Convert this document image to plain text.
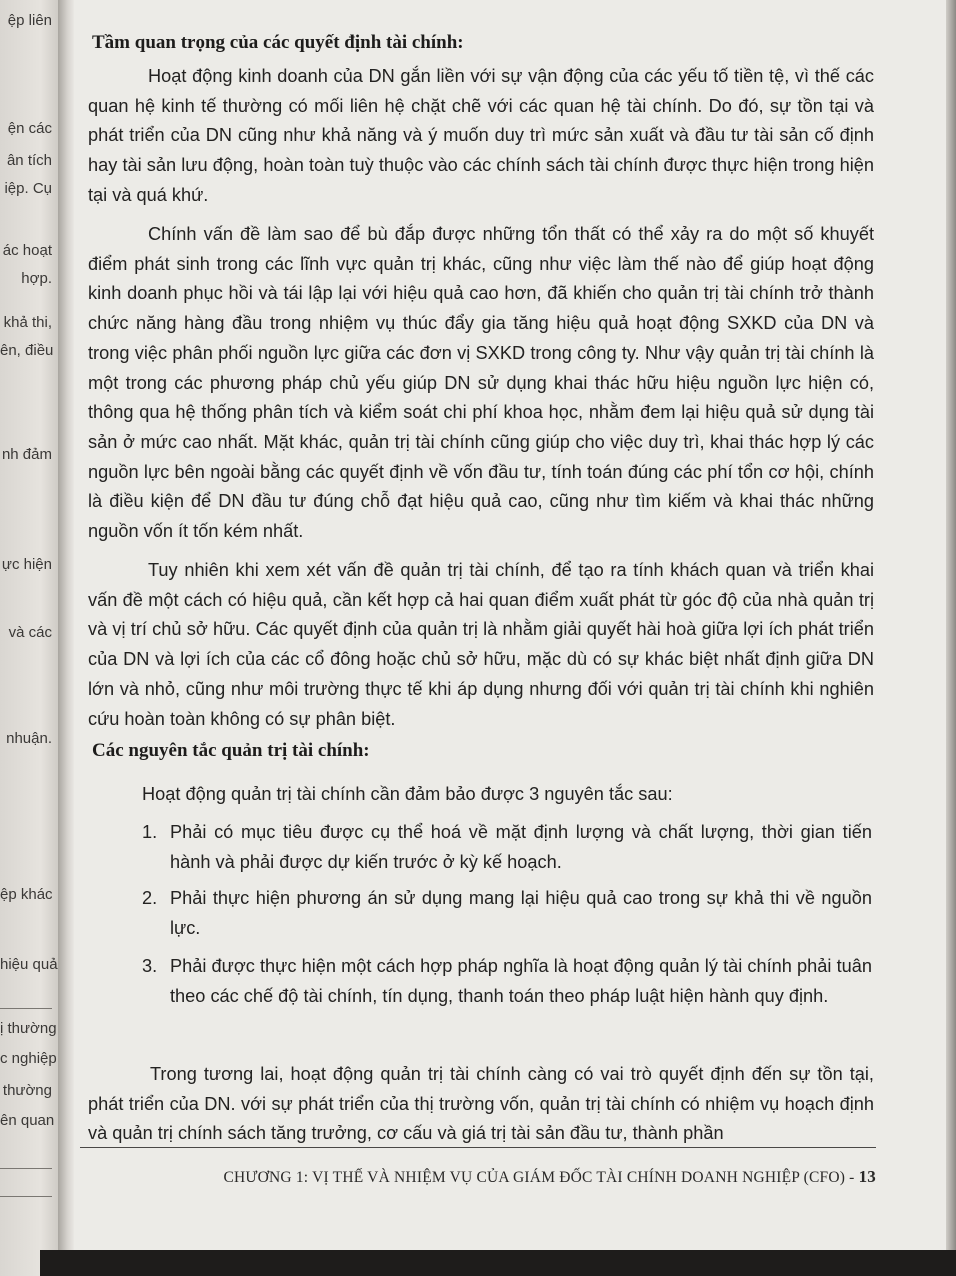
ệp liên
ện các
ân tích
iệp. Cụ
ác hoạt
hợp.
khả thi,
ên, điều
nh đảm
ực hiện
và các
nhuận.
ệp khác
hiệu quả
ị thường
c nghiệp
thường
ên quan
Tầm quan trọng của các quyết định tài chính:
Hoạt động kinh doanh của DN gắn liền với sự vận động của các yếu tố tiền tệ, vì thế các quan hệ kinh tế thường có mối liên hệ chặt chẽ với các quan hệ tài chính. Do đó, sự tồn tại và phát triển của DN cũng như khả năng và ý muốn duy trì mức sản xuất và đầu tư tài sản cố định hay tài sản lưu động, hoàn toàn tuỳ thuộc vào các chính sách tài chính được thực hiện trong hiện tại và quá khứ.
Chính vấn đề làm sao để bù đắp được những tổn thất có thể xảy ra do một số khuyết điểm phát sinh trong các lĩnh vực quản trị khác, cũng như việc làm thế nào để giúp hoạt động kinh doanh phục hồi và tái lập lại với hiệu quả cao hơn, đã khiến cho quản trị tài chính trở thành chức năng hàng đầu trong nhiệm vụ thúc đẩy gia tăng hiệu quả hoạt động SXKD của DN và trong việc phân phối nguồn lực giữa các đơn vị SXKD trong công ty. Như vậy quản trị tài chính là một trong các phương pháp chủ yếu giúp DN sử dụng khai thác hữu hiệu nguồn lực hiện có, thông qua hệ thống phân tích và kiểm soát chi phí khoa học, nhằm đem lại hiệu quả sử dụng tài sản ở mức cao nhất. Mặt khác, quản trị tài chính cũng giúp cho việc duy trì, khai thác hợp lý các nguồn lực bên ngoài bằng các quyết định về vốn đầu tư, tính toán đúng các phí tổn cơ hội, chính là điều kiện để DN đầu tư đúng chỗ đạt hiệu quả cao, cũng như tìm kiếm và khai thác những nguồn vốn ít tốn kém nhất.
Tuy nhiên khi xem xét vấn đề quản trị tài chính, để tạo ra tính khách quan và triển khai vấn đề một cách có hiệu quả, cần kết hợp cả hai quan điểm xuất phát từ góc độ của nhà quản trị và vị trí chủ sở hữu. Các quyết định của quản trị là nhằm giải quyết hài hoà giữa lợi ích phát triển của DN và lợi ích của các cổ đông hoặc chủ sở hữu, mặc dù có sự khác biệt nhất định giữa DN lớn và nhỏ, cũng như môi trường thực tế khi áp dụng nhưng đối với quản trị tài chính khi nghiên cứu hoàn toàn không có sự phân biệt.
Các nguyên tắc quản trị tài chính:
Hoạt động quản trị tài chính cần đảm bảo được 3 nguyên tắc sau:
1. Phải có mục tiêu được cụ thể hoá về mặt định lượng và chất lượng, thời gian tiến hành và phải được dự kiến trước ở kỳ kế hoạch.
2. Phải thực hiện phương án sử dụng mang lại hiệu quả cao trong sự khả thi về nguồn lực.
3. Phải được thực hiện một cách hợp pháp nghĩa là hoạt động quản lý tài chính phải tuân theo các chế độ tài chính, tín dụng, thanh toán theo pháp luật hiện hành quy định.
Trong tương lai, hoạt động quản trị tài chính càng có vai trò quyết định đến sự tồn tại, phát triển của DN. với sự phát triển của thị trường vốn, quản trị tài chính có nhiệm vụ hoạch định và quản trị chính sách tăng trưởng, cơ cấu và giá trị tài sản đầu tư, thành phần
CHƯƠNG 1: VỊ THẾ VÀ NHIỆM VỤ CỦA GIÁM ĐỐC TÀI CHÍNH DOANH NGHIỆP (CFO) - 13
